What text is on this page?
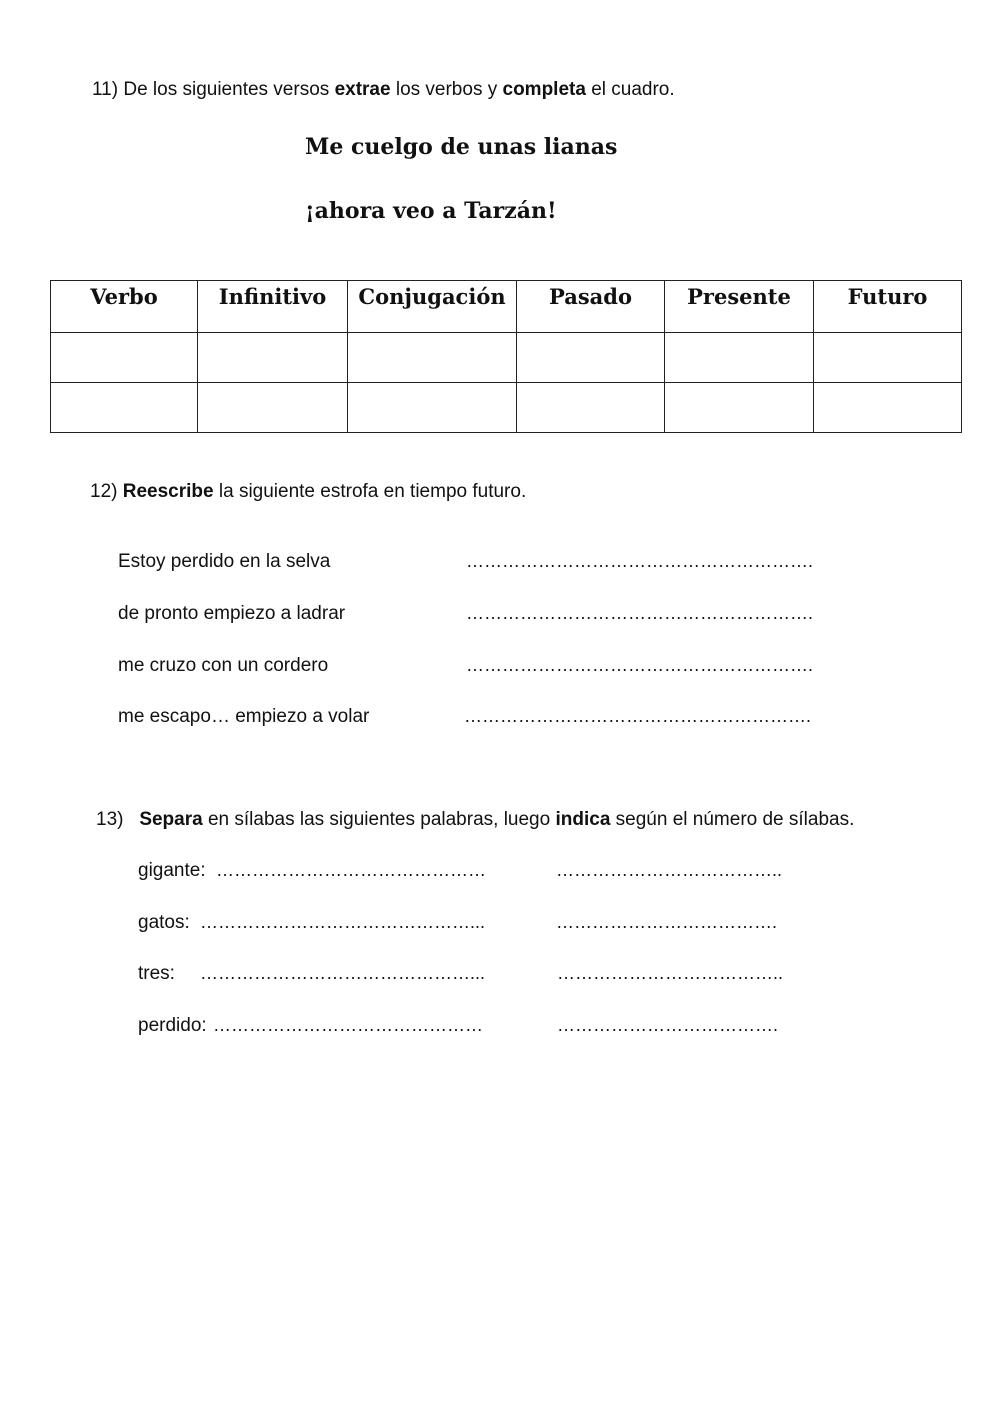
11) De los siguientes versos extrae los verbos y completa el cuadro.
Me cuelgo de unas lianas
¡ahora veo a Tarzán!
Verbo	Infinitivo	Conjugación	Pasado	Presente	Futuro

12) Reescribe la siguiente estrofa en tiempo futuro.
Estoy perdido en la selva	………………………………………………….
de pronto empiezo a ladrar	………………………………………………….
me cruzo con un cordero	………………………………………………….
me escapo… empiezo a volar	………………………………………………….
13) Separa en sílabas las siguientes palabras, luego indica según el número de sílabas.
gigante: ………………………………………	………………………………..
gatos: ………………………………………...	……………………………….
tres: ………………………………………...	………………………………..
perdido: ………………………………………	……………………………….
